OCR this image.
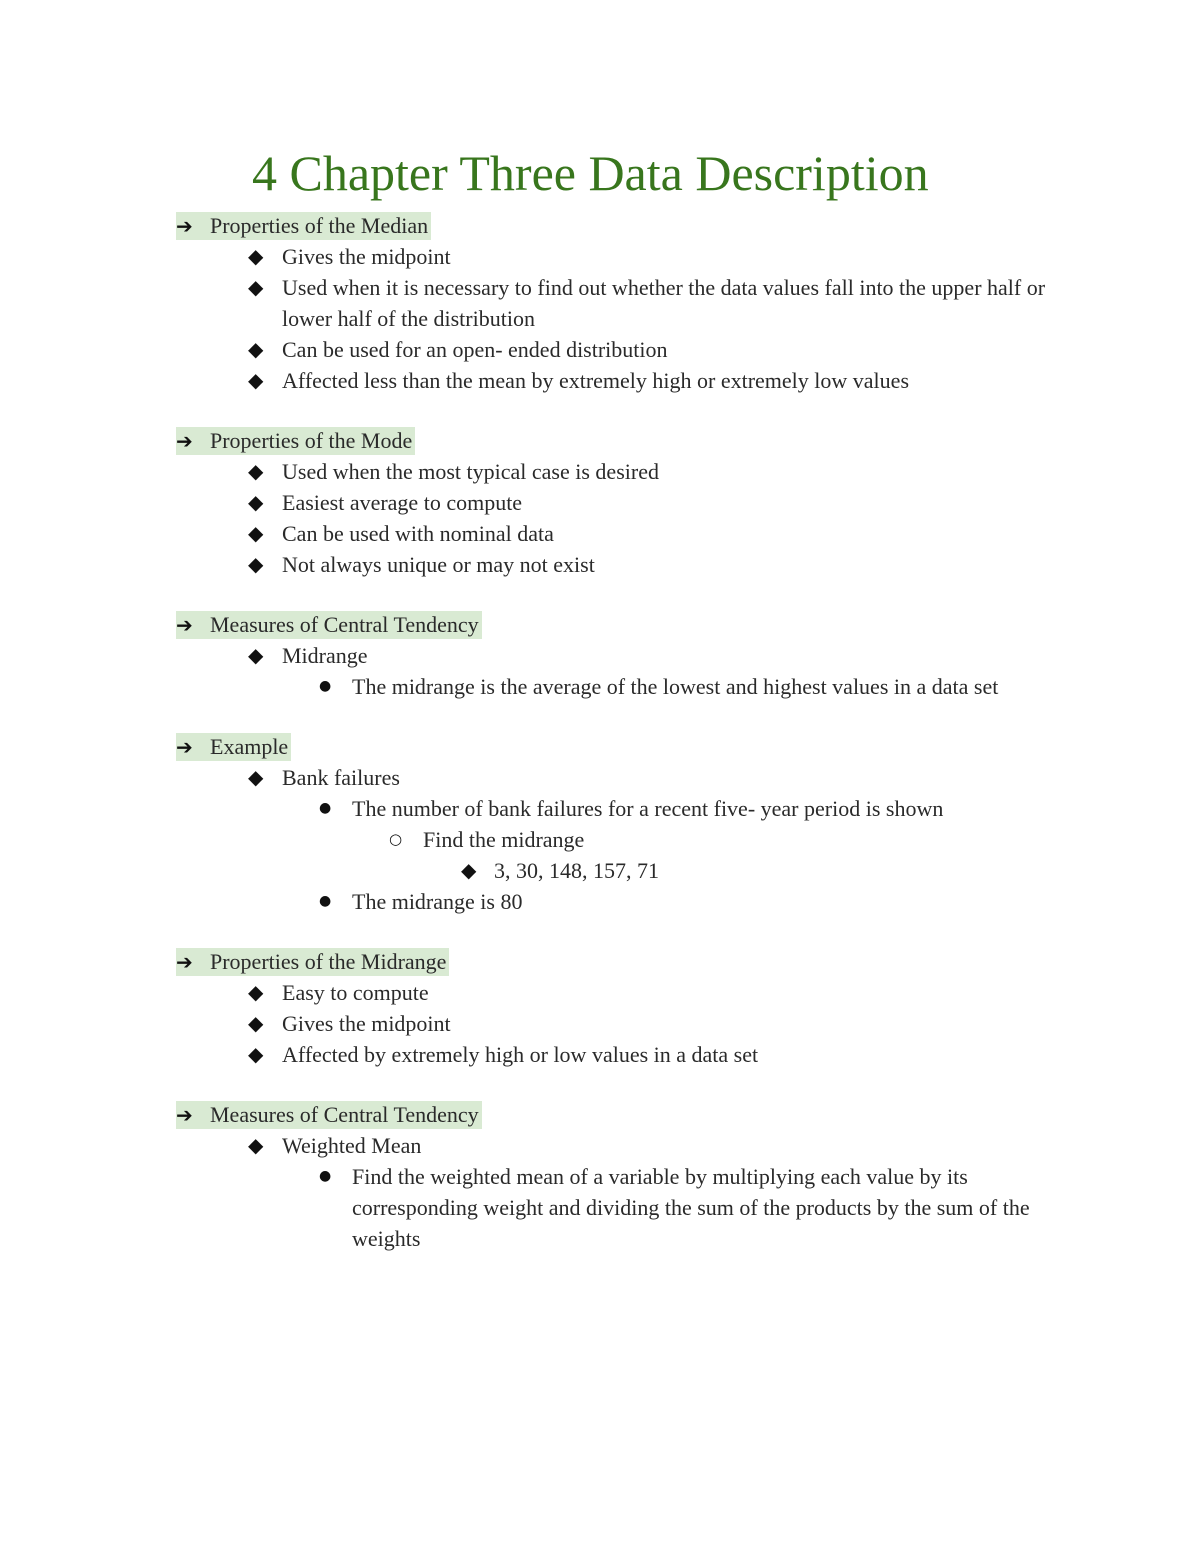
4 Chapter Three Data Description
➔ Properties of the Median
◆ Gives the midpoint
◆ Used when it is necessary to find out whether the data values fall into the upper half or lower half of the distribution
◆ Can be used for an open- ended distribution
◆ Affected less than the mean by extremely high or extremely low values
➔ Properties of the Mode
◆ Used when the most typical case is desired
◆ Easiest average to compute
◆ Can be used with nominal data
◆ Not always unique or may not exist
➔ Measures of Central Tendency
◆ Midrange
● The midrange is the average of the lowest and highest values in a data set
➔ Example
◆ Bank failures
● The number of bank failures for a recent five- year period is shown
○ Find the midrange
◆ 3, 30, 148, 157, 71
● The midrange is 80
➔ Properties of the Midrange
◆ Easy to compute
◆ Gives the midpoint
◆ Affected by extremely high or low values in a data set
➔ Measures of Central Tendency
◆ Weighted Mean
● Find the weighted mean of a variable by multiplying each value by its corresponding weight and dividing the sum of the products by the sum of the weights
